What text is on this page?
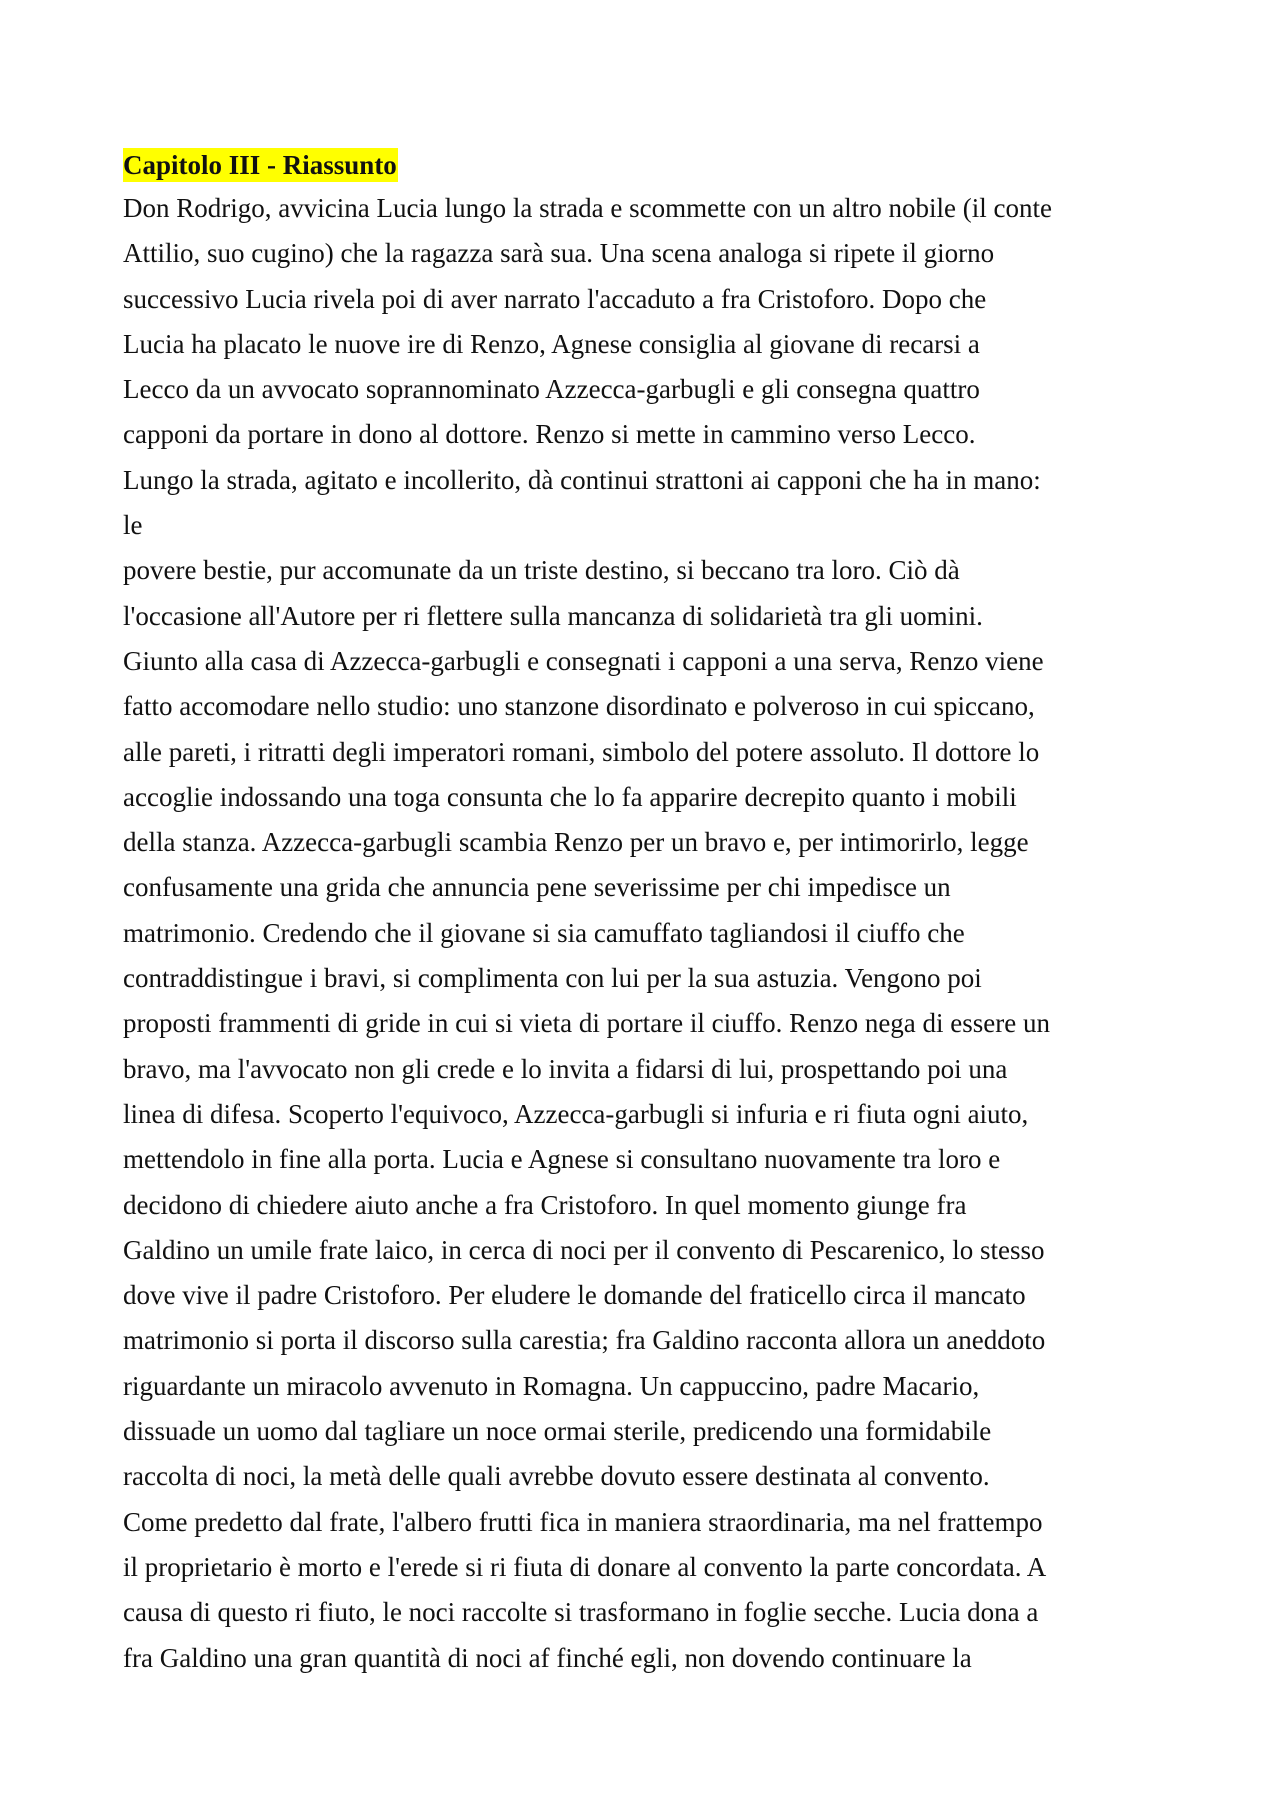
Capitolo III - Riassunto
Don Rodrigo, avvicina Lucia lungo la strada e scommette con un altro nobile (il conte
Attilio, suo cugino) che la ragazza sarà sua. Una scena analoga si ripete il giorno
successivo Lucia rivela poi di aver narrato l'accaduto a fra Cristoforo. Dopo che
Lucia ha placato le nuove ire di Renzo, Agnese consiglia al giovane di recarsi a
Lecco da un avvocato soprannominato Azzecca-garbugli e gli consegna quattro
capponi da portare in dono al dottore. Renzo si mette in cammino verso Lecco.
Lungo la strada, agitato e incollerito, dà continui strattoni ai capponi che ha in mano:
le
povere bestie, pur accomunate da un triste destino, si beccano tra loro. Ciò dà
l'occasione all'Autore per ri flettere sulla mancanza di solidarietà tra gli uomini.
Giunto alla casa di Azzecca-garbugli e consegnati i capponi a una serva, Renzo viene
fatto accomodare nello studio: uno stanzone disordinato e polveroso in cui spiccano,
alle pareti, i ritratti degli imperatori romani, simbolo del potere assoluto. Il dottore lo
accoglie indossando una toga consunta che lo fa apparire decrepito quanto i mobili
della stanza. Azzecca-garbugli scambia Renzo per un bravo e, per intimorirlo, legge
confusamente una grida che annuncia pene severissime per chi impedisce un
matrimonio. Credendo che il giovane si sia camuffato tagliandosi il ciuffo che
contraddistingue i bravi, si complimenta con lui per la sua astuzia. Vengono poi
proposti frammenti di gride in cui si vieta di portare il ciuffo. Renzo nega di essere un
bravo, ma l'avvocato non gli crede e lo invita a fidarsi di lui, prospettando poi una
linea di difesa. Scoperto l'equivoco, Azzecca-garbugli si infuria e ri fiuta ogni aiuto,
mettendolo in fine alla porta. Lucia e Agnese si consultano nuovamente tra loro e
decidono di chiedere aiuto anche a fra Cristoforo. In quel momento giunge fra
Galdino un umile frate laico, in cerca di noci per il convento di Pescarenico, lo stesso
dove vive il padre Cristoforo. Per eludere le domande del fraticello circa il mancato
matrimonio si porta il discorso sulla carestia; fra Galdino racconta allora un aneddoto
riguardante un miracolo avvenuto in Romagna. Un cappuccino, padre Macario,
dissuade un uomo dal tagliare un noce ormai sterile, predicendo una formidabile
raccolta di noci, la metà delle quali avrebbe dovuto essere destinata al convento.
Come predetto dal frate, l'albero frutti fica in maniera straordinaria, ma nel frattempo
il proprietario è morto e l'erede si ri fiuta di donare al convento la parte concordata. A
causa di questo ri fiuto, le noci raccolte si trasformano in foglie secche. Lucia dona a
fra Galdino una gran quantità di noci af finché egli, non dovendo continuare la
